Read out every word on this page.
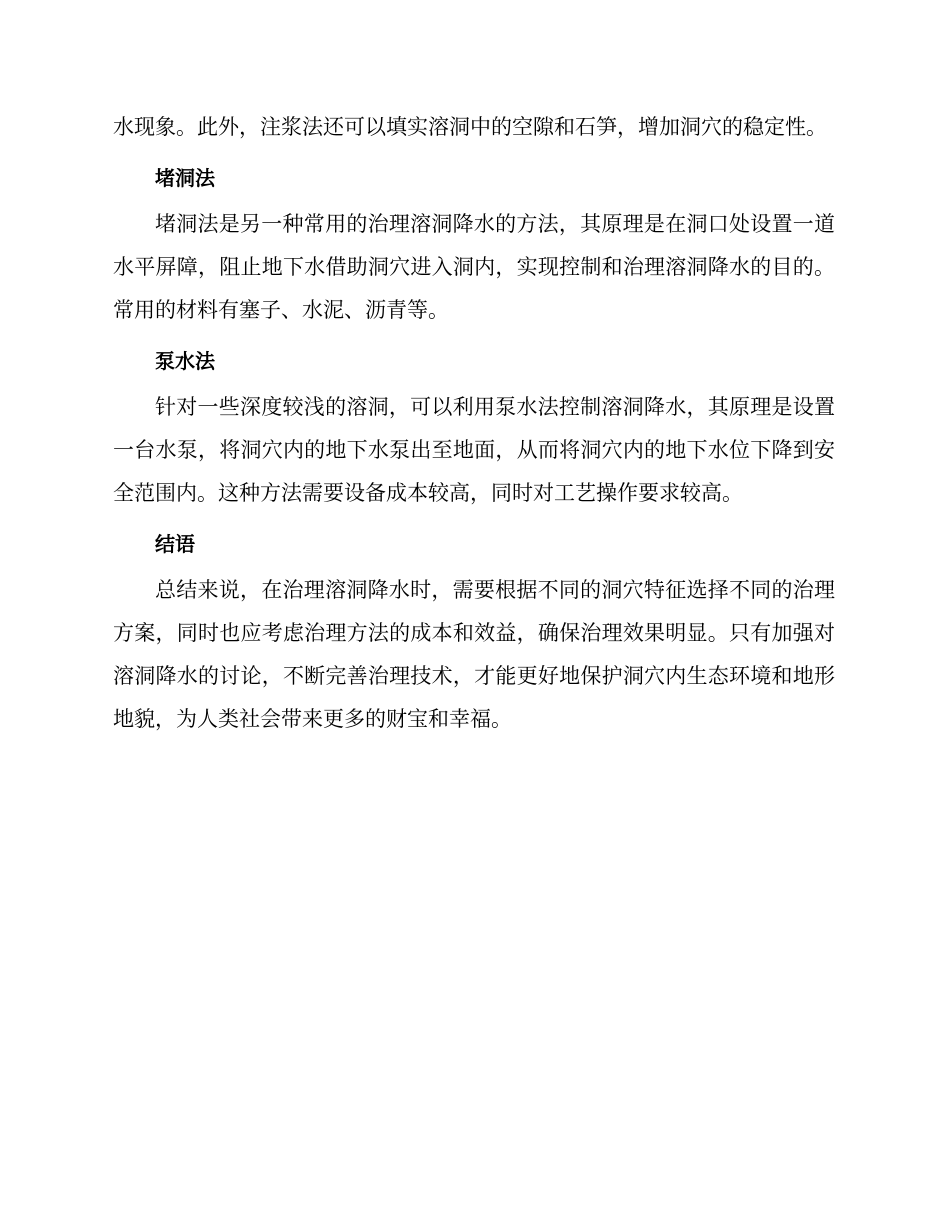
水现象。此外，注浆法还可以填实溶洞中的空隙和石笋，增加洞穴的稳定性。

堵洞法

堵洞法是另一种常用的治理溶洞降水的方法，其原理是在洞口处设置一道水平屏障，阻止地下水借助洞穴进入洞内，实现控制和治理溶洞降水的目的。常用的材料有塞子、水泥、沥青等。

泵水法

针对一些深度较浅的溶洞，可以利用泵水法控制溶洞降水，其原理是设置一台水泵，将洞穴内的地下水泵出至地面，从而将洞穴内的地下水位下降到安全范围内。这种方法需要设备成本较高，同时对工艺操作要求较高。

结语

总结来说，在治理溶洞降水时，需要根据不同的洞穴特征选择不同的治理方案，同时也应考虑治理方法的成本和效益，确保治理效果明显。只有加强对溶洞降水的讨论，不断完善治理技术，才能更好地保护洞穴内生态环境和地形地貌，为人类社会带来更多的财宝和幸福。
